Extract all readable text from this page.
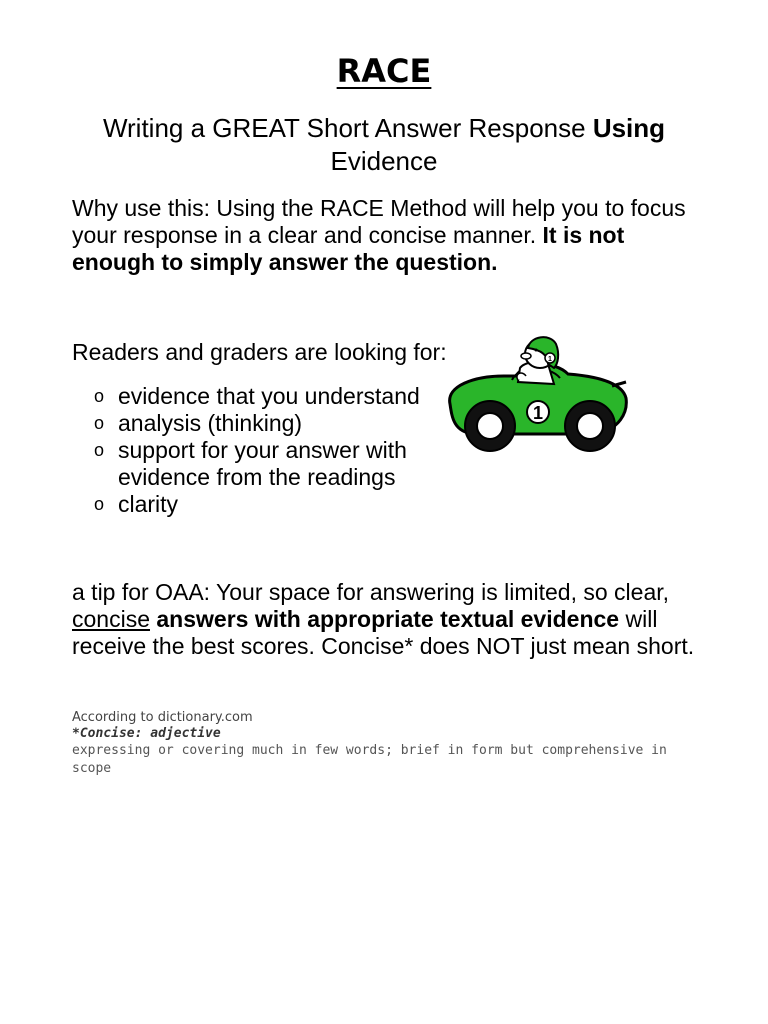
RACE
Writing a GREAT Short Answer Response Using
Evidence
Why use this: Using the RACE Method will help you to focus your response in a clear and concise manner. It is not enough to simply answer the question.
Readers and graders are looking for:
o evidence that you understand
o analysis (thinking)
o support for your answer with evidence from the readings
o clarity
1
1
a tip for OAA: Your space for answering is limited, so clear, concise answers with appropriate textual evidence will receive the best scores. Concise* does NOT just mean short.
According to dictionary.com
*Concise: adjective
expressing or covering much in few words; brief in form but comprehensive in scope
